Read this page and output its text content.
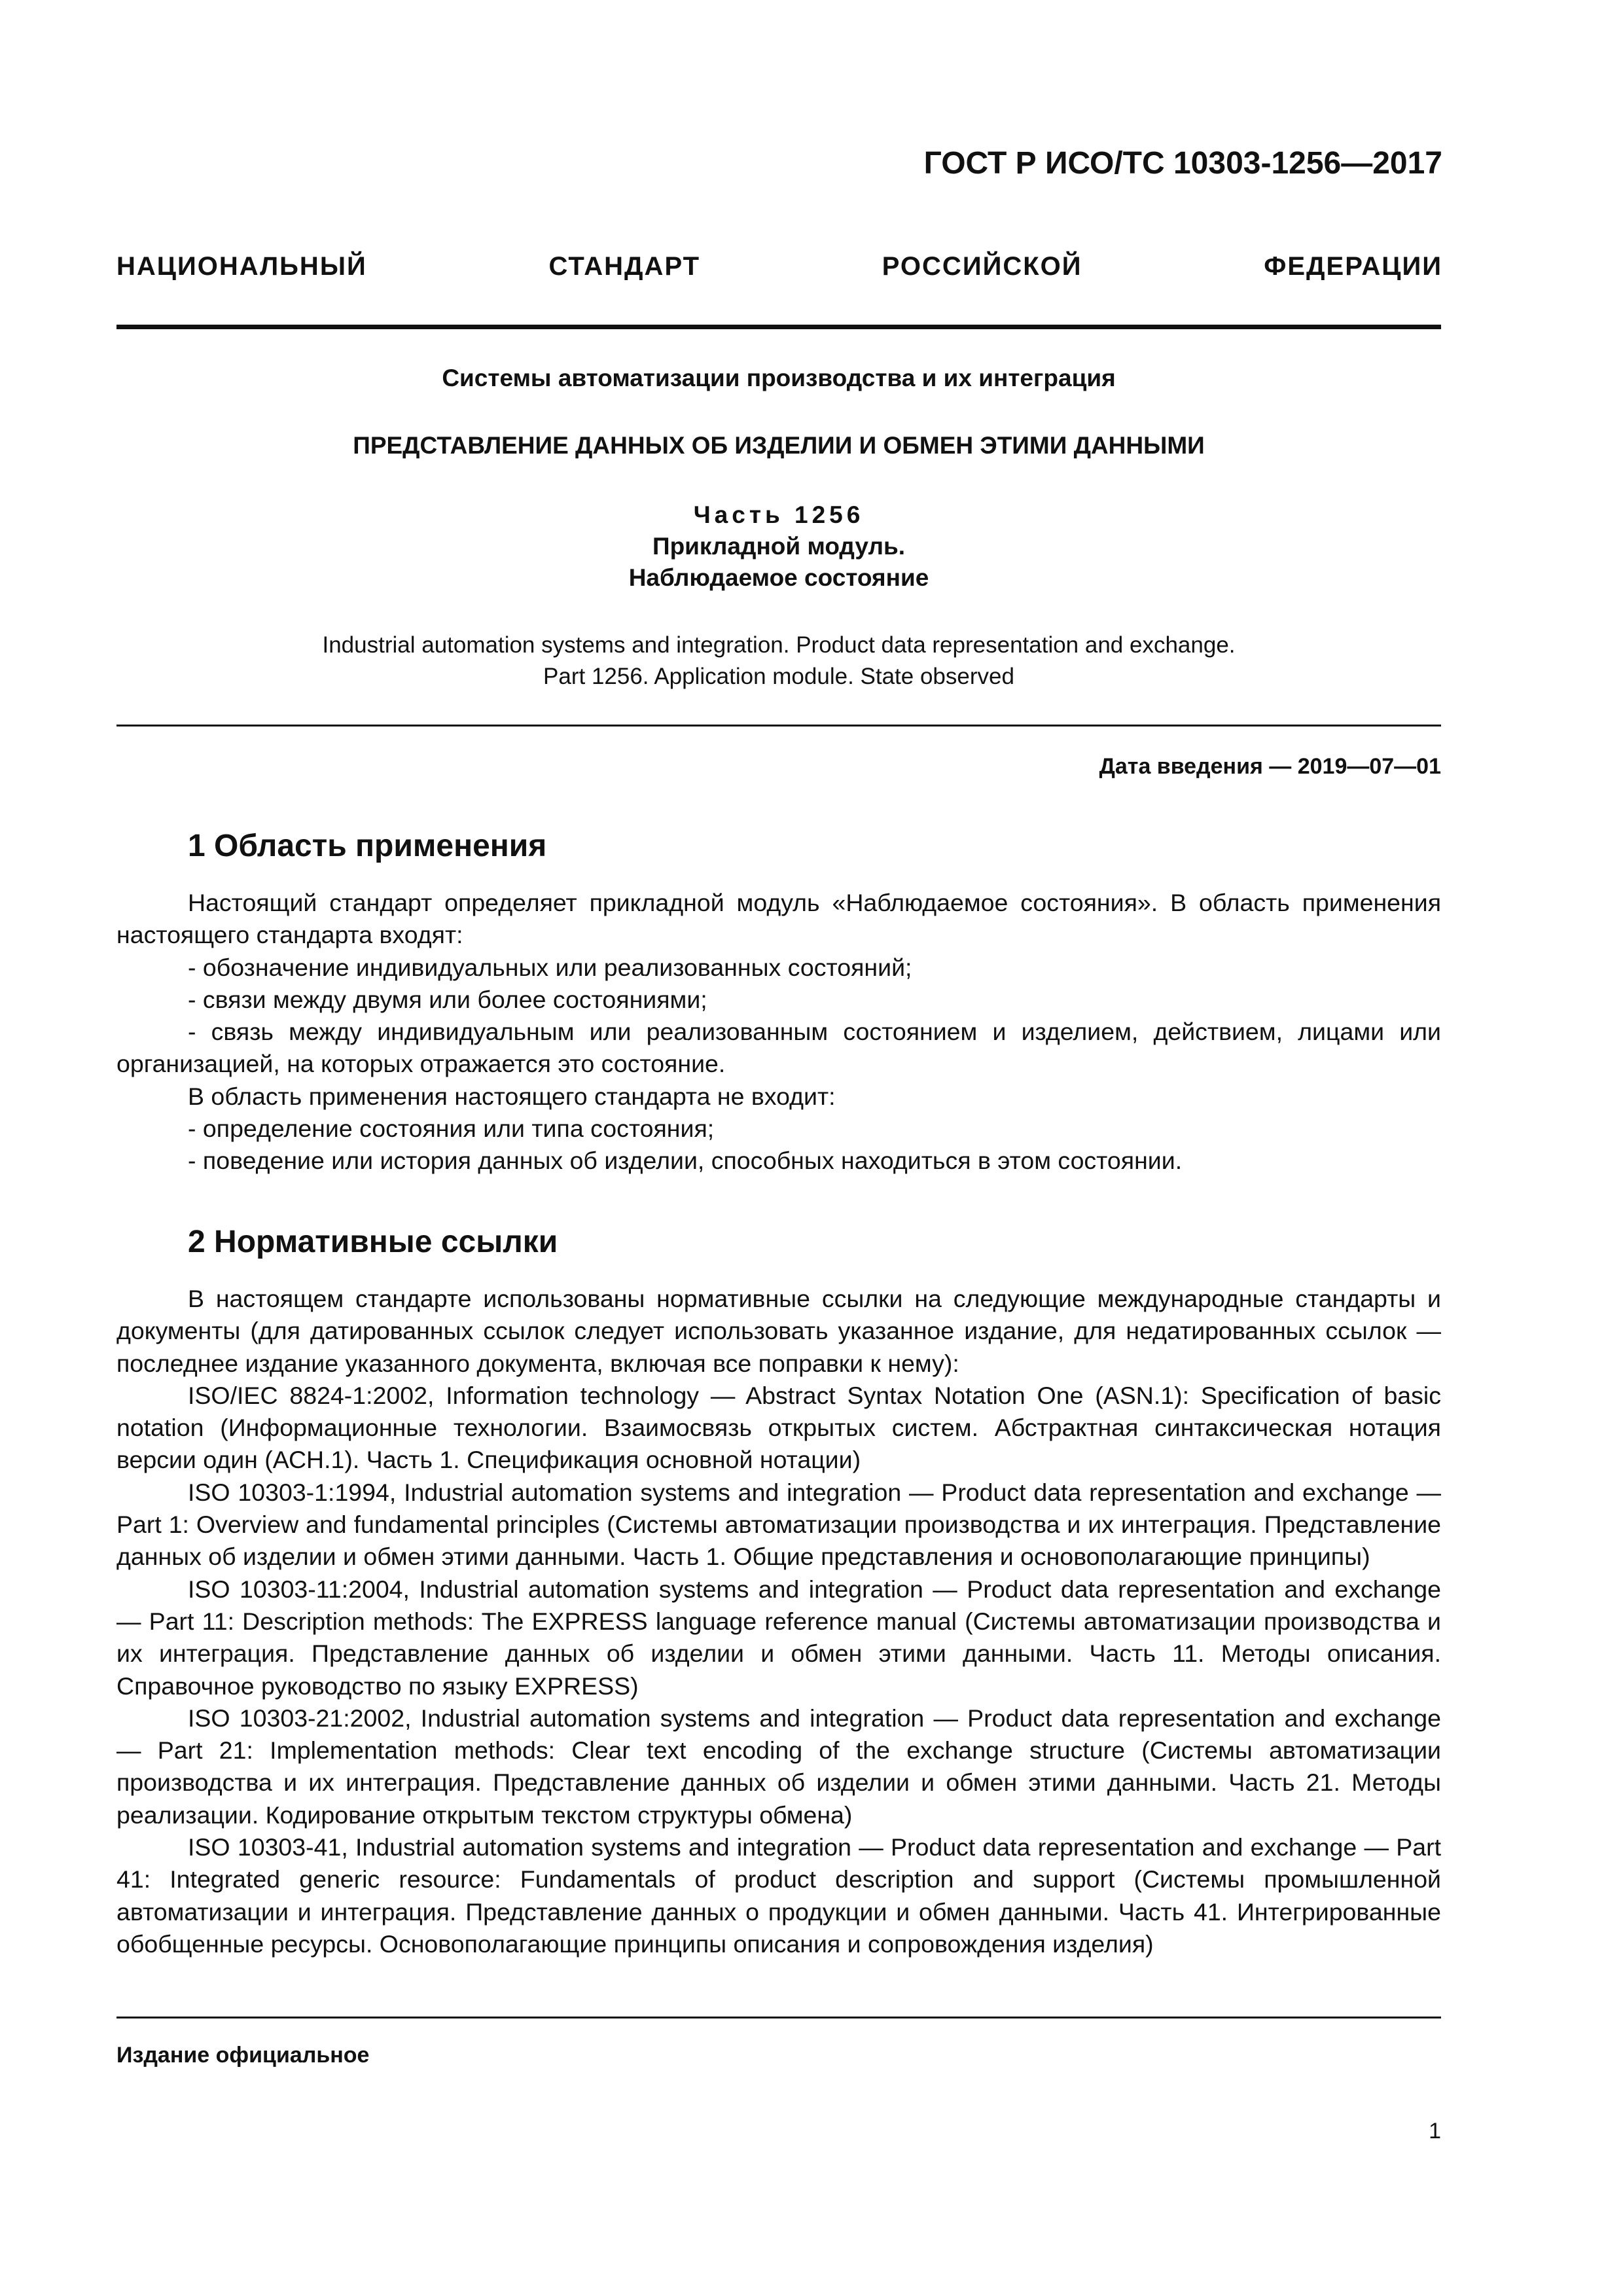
ГОСТ Р ИСО/ТС 10303-1256—2017
НАЦИОНАЛЬНЫЙ СТАНДАРТ РОССИЙСКОЙ ФЕДЕРАЦИИ
Системы автоматизации производства и их интеграция
ПРЕДСТАВЛЕНИЕ ДАННЫХ ОБ ИЗДЕЛИИ И ОБМЕН ЭТИМИ ДАННЫМИ
Часть 1256
Прикладной модуль.
Наблюдаемое состояние
Industrial automation systems and integration. Product data representation and exchange.
Part 1256. Application module. State observed
Дата введения — 2019—07—01
1 Область применения

Настоящий стандарт определяет прикладной модуль «Наблюдаемое состояния». В область применения настоящего стандарта входят:

- обозначение индивидуальных или реализованных состояний;

- связи между двумя или более состояниями;

- связь между индивидуальным или реализованным состоянием и изделием, действием, лицами или организацией, на которых отражается это состояние.

В область применения настоящего стандарта не входит:

- определение состояния или типа состояния;

- поведение или история данных об изделии, способных находиться в этом состоянии.

2 Нормативные ссылки

В настоящем стандарте использованы нормативные ссылки на следующие международные стандарты и документы (для датированных ссылок следует использовать указанное издание, для недатированных ссылок — последнее издание указанного документа, включая все поправки к нему):

ISO/IEC 8824-1:2002, Information technology — Abstract Syntax Notation One (ASN.1): Specification of basic notation (Информационные технологии. Взаимосвязь открытых систем. Абстрактная синтаксическая нотация версии один (АСН.1). Часть 1. Спецификация основной нотации)

ISO 10303-1:1994, Industrial automation systems and integration — Product data representation and exchange — Part 1: Overview and fundamental principles (Системы автоматизации производства и их интеграция. Представление данных об изделии и обмен этими данными. Часть 1. Общие представления и основополагающие принципы)

ISO 10303-11:2004, Industrial automation systems and integration — Product data representation and exchange — Part 11: Description methods: The EXPRESS language reference manual (Системы автоматизации производства и их интеграция. Представление данных об изделии и обмен этими данными. Часть 11. Методы описания. Справочное руководство по языку EXPRESS)

ISO 10303-21:2002, Industrial automation systems and integration — Product data representation and exchange — Part 21: Implementation methods: Clear text encoding of the exchange structure (Системы автоматизации производства и их интеграция. Представление данных об изделии и обмен этими данными. Часть 21. Методы реализации. Кодирование открытым текстом структуры обмена)

ISO 10303-41, Industrial automation systems and integration — Product data representation and exchange — Part 41: Integrated generic resource: Fundamentals of product description and support (Системы промышленной автоматизации и интеграция. Представление данных о продукции и обмен данными. Часть 41. Интегрированные обобщенные ресурсы. Основополагающие принципы описания и сопровождения изделия)

Издание официальное
1
